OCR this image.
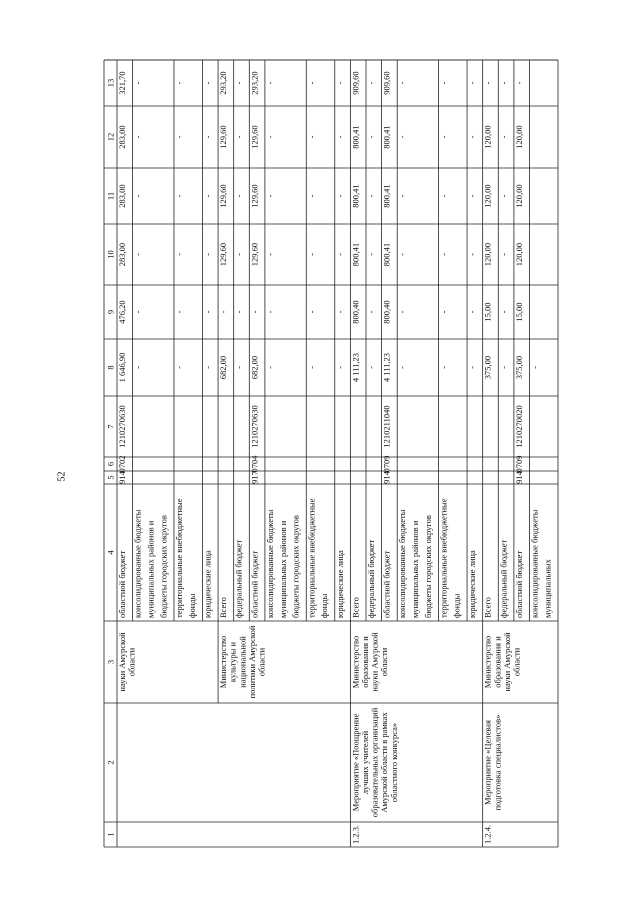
52
1
2
3
4
5
6
7
8
9
10
11
12
13
областной бюджет
914
0702
1210270630
1 646,90
476,20
283,00
283,00
283,00
321,70
консолидированные бюджеты муниципальных районов и бюджеты городских округов
-
-
-
-
-
-
территориальные внебюджетные фонды
-
-
-
-
-
-
юридические лица
-
-
-
-
-
-
Всего
682,00
-
129,60
129,60
129,60
293,20
федеральный бюджет
-
-
-
-
-
-
областной бюджет
917
0704
1210270630
682,00
-
129,60
129,60
129,60
293,20
консолидированные бюджеты муниципальных районов и бюджеты городских округов
-
-
-
-
-
-
территориальные внебюджетные фонды
-
-
-
-
-
-
юридические лица
-
-
-
-
-
-
Всего
4 111,23
800,40
800,41
800,41
800,41
909,60
федеральный бюджет
-
-
-
-
-
-
областной бюджет
914
0709
1210211040
4 111,23
800,40
800,41
800,41
800,41
909,60
консолидированные бюджеты муниципальных районов и бюджеты городских округов
-
-
-
-
-
-
территориальные внебюджетные фонды
-
-
-
-
-
-
юридические лица
-
-
-
-
-
-
Всего
375,00
15,00
120,00
120,00
120,00
-
федеральный бюджет
-
-
-
-
-
-
областной бюджет
914
0709
1210270020
375,00
15,00
120,00
120,00
120,00
-
консолидированные бюджеты муниципальных
-
науки Амурской области	Министерство культуры и национальной политики Амурской области
1.2.3.
Мероприятие «Поощрение лучших учителей образовательных организаций Амурской области в рамках областного конкурса»
Министерство образования и науки Амурской области
1.2.4.
Мероприятие «Целевая подготовка специалистов»
Министерство образования и науки Амурской области
